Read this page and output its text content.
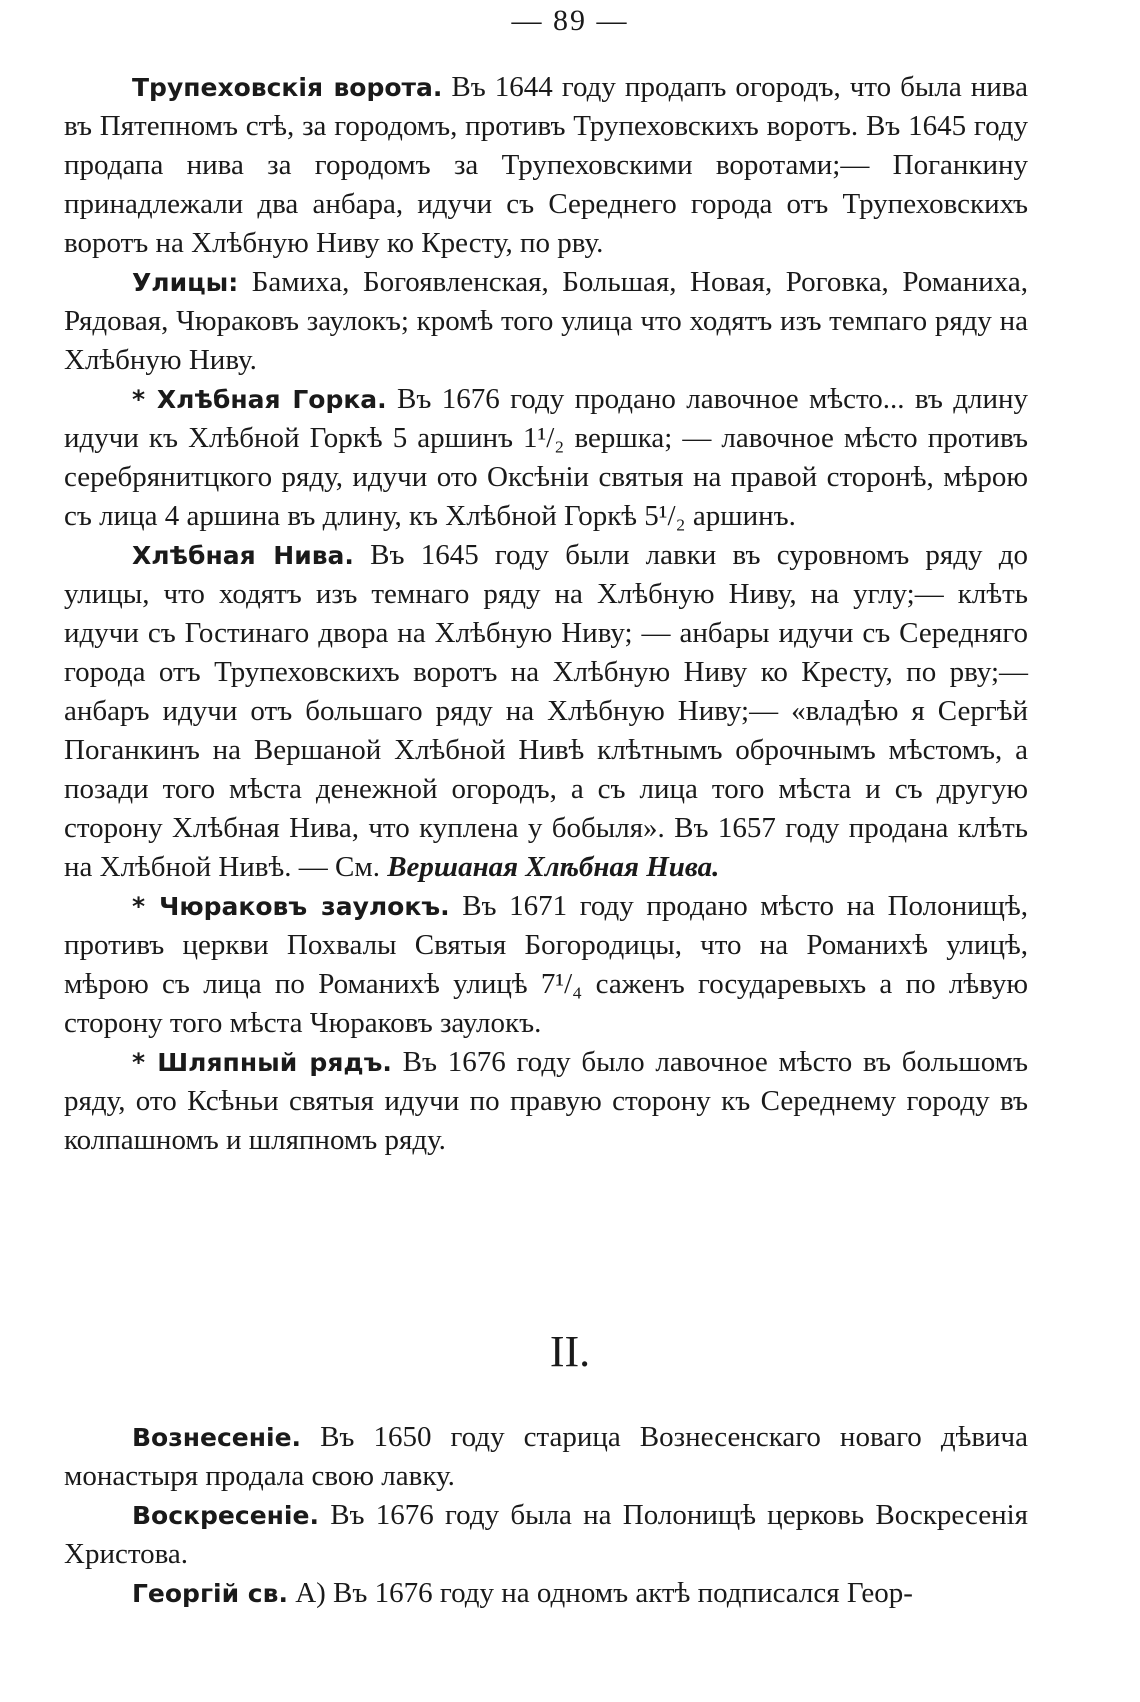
— 89 —

Трупеховскія ворота. Въ 1644 году продапъ огородъ, что была нива въ Пятепномъ стѣ, за городомъ, противъ Трупеховскихъ воротъ. Въ 1645 году продапа нива за городомъ за Трупеховскими воротами;— Поганкину принадлежали два анбара, идучи съ Середнего города отъ Трупеховскихъ воротъ на Хлѣбную Ниву ко Кресту, по рву.

Улицы: Бамиха, Богоявленская, Большая, Новая, Роговка, Романиха, Рядовая, Чюраковъ заулокъ; кромѣ того улица что ходятъ изъ темпаго ряду на Хлѣбную Ниву.

* Хлѣбная Горка. Въ 1676 году продано лавочное мѣсто... въ длину идучи къ Хлѣбной Горкѣ 5 аршинъ 1¹/₂ вершка; — лавочное мѣсто противъ серебрянитцкого ряду, идучи ото Оксѣніи святыя на правой сторонѣ, мѣрою съ лица 4 аршина въ длину, къ Хлѣбной Горкѣ 5¹/₂ аршинъ.

Хлѣбная Нива. Въ 1645 году были лавки въ суровномъ ряду до улицы, что ходятъ изъ темнаго ряду на Хлѣбную Ниву, на углу;— клѣть идучи съ Гостинаго двора на Хлѣбную Ниву; — анбары идучи съ Середняго города отъ Трупеховскихъ воротъ на Хлѣбную Ниву ко Кресту, по рву;—анбаръ идучи отъ большаго ряду на Хлѣбную Ниву;— «владѣю я Сергѣй Поганкинъ на Вершаной Хлѣбной Нивѣ клѣтнымъ оброчнымъ мѣстомъ, а позади того мѣста денежной огородъ, а съ лица того мѣста и съ другую сторону Хлѣбная Нива, что куплена у бобыля». Въ 1657 году продана клѣть на Хлѣбной Нивѣ. — См. Вершаная Хлѣбная Нива.

* Чюраковъ заулокъ. Въ 1671 году продано мѣсто на Полонищѣ, противъ церкви Похвалы Святыя Богородицы, что на Романихѣ улицѣ, мѣрою съ лица по Романихѣ улицѣ 7¹/₄ саженъ государевыхъ а по лѣвую сторону того мѣста Чюраковъ заулокъ.

* Шляпный рядъ. Въ 1676 году было лавочное мѣсто въ большомъ ряду, ото Ксѣньи святыя идучи по правую сторону къ Середнему городу въ колпашномъ и шляпномъ ряду.

II.

Вознесеніе. Въ 1650 году старица Вознесенскаго новаго дѣвича монастыря продала свою лавку.

Воскресеніе. Въ 1676 году была на Полонищѣ церковь Воскресенія Христова.

Георгій св. А) Въ 1676 году на одномъ актѣ подписался Геор-
